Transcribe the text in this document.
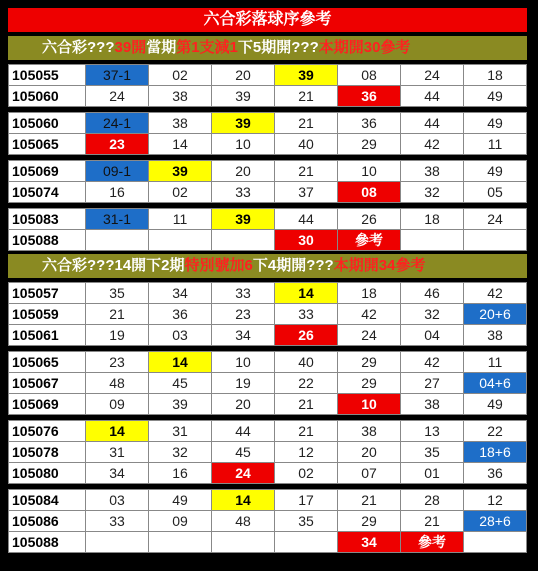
六合彩落球序參考
六合彩???39開當期第1支減1下5期開???本期開30參考
六合彩???14開下2期特別號加6下4期開???本期開34參考
105055	37-1	02	20	39	08	24	18
105060	24	38	39	21	36	44	49
105060	24-1	38	39	21	36	44	49
105065	23	14	10	40	29	42	11
105069	09-1	39	20	21	10	38	49
105074	16	02	33	37	08	32	05
105083	31-1	11	39	44	26	18	24
105088				30	參考		
105057	35	34	33	14	18	46	42
105059	21	36	23	33	42	32	20+6
105061	19	03	34	26	24	04	38
105065	23	14	10	40	29	42	11
105067	48	45	19	22	29	27	04+6
105069	09	39	20	21	10	38	49
105076	14	31	44	21	38	13	22
105078	31	32	45	12	20	35	18+6
105080	34	16	24	02	07	01	36
105084	03	49	14	17	21	28	12
105086	33	09	48	35	29	21	28+6
105088					34	參考	
